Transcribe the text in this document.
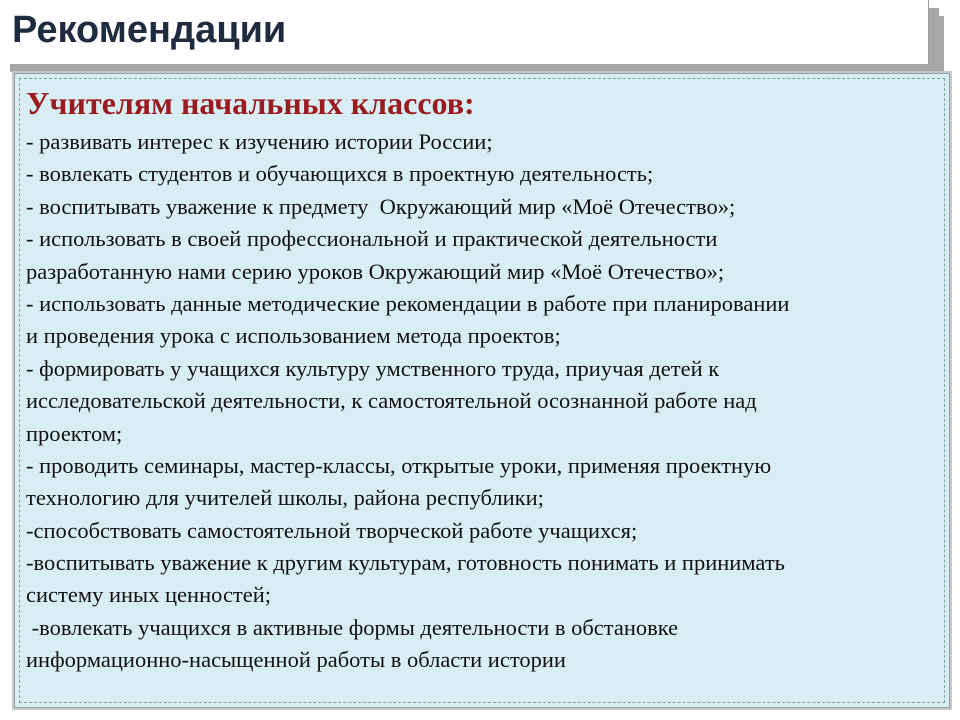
Рекомендации
Учителям начальных классов:
- развивать интерес к изучению истории России;
- вовлекать студентов и обучающихся в проектную деятельность;
- воспитывать уважение к предмету  Окружающий мир «Моё Отечество»;
- использовать в своей профессиональной и практической деятельности
разработанную нами серию уроков Окружающий мир «Моё Отечество»;
- использовать данные методические рекомендации в работе при планировании
и проведения урока с использованием метода проектов;
- формировать у учащихся культуру умственного труда, приучая детей к
исследовательской деятельности, к самостоятельной осознанной работе над
проектом;
- проводить семинары, мастер-классы, открытые уроки, применяя проектную
технологию для учителей школы, района республики;
-способствовать самостоятельной творческой работе учащихся;
-воспитывать уважение к другим культурам, готовность понимать и принимать
систему иных ценностей;
-вовлекать учащихся в активные формы деятельности в обстановке
информационно-насыщенной работы в области истории
